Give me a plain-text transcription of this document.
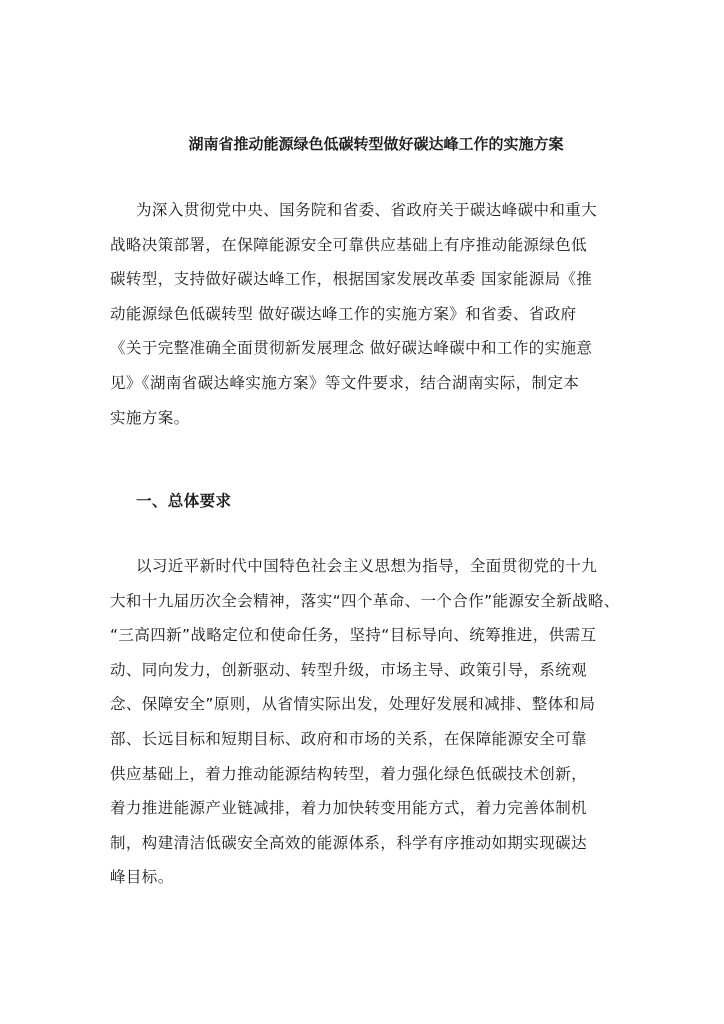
湖南省推动能源绿色低碳转型做好碳达峰工作的实施方案

为深入贯彻党中央、国务院和省委、省政府关于碳达峰碳中和重大
战略决策部署，在保障能源安全可靠供应基础上有序推动能源绿色低
碳转型，支持做好碳达峰工作，根据国家发展改革委 国家能源局《推
动能源绿色低碳转型 做好碳达峰工作的实施方案》和省委、省政府
《关于完整准确全面贯彻新发展理念 做好碳达峰碳中和工作的实施意
见》《湖南省碳达峰实施方案》等文件要求，结合湖南实际，制定本
实施方案。

一、总体要求

以习近平新时代中国特色社会主义思想为指导，全面贯彻党的十九
大和十九届历次全会精神，落实“四个革命、一个合作”能源安全新战略、
“三高四新”战略定位和使命任务，坚持“目标导向、统筹推进，供需互
动、同向发力，创新驱动、转型升级，市场主导、政策引导，系统观
念、保障安全”原则，从省情实际出发，处理好发展和减排、整体和局
部、长远目标和短期目标、政府和市场的关系，在保障能源安全可靠
供应基础上，着力推动能源结构转型，着力强化绿色低碳技术创新，
着力推进能源产业链减排，着力加快转变用能方式，着力完善体制机
制，构建清洁低碳安全高效的能源体系，科学有序推动如期实现碳达
峰目标。
